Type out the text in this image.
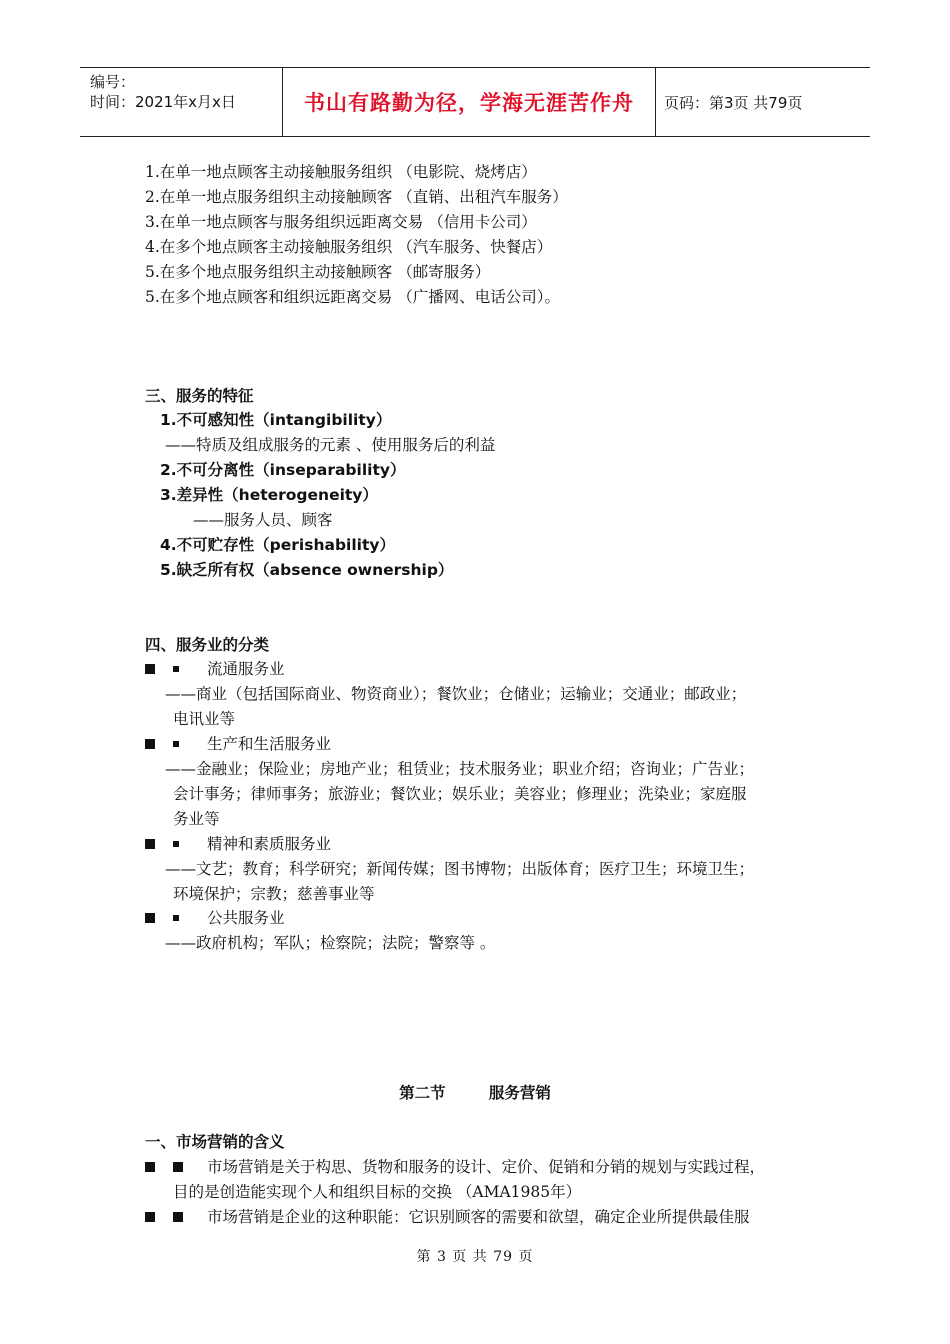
编号：
时间：2021年x月x日	书山有路勤为径，学海无涯苦作舟	页码：第3页 共79页
1.在单一地点顾客主动接触服务组织 （电影院、烧烤店）
2.在单一地点服务组织主动接触顾客 （直销、出租汽车服务）
3.在单一地点顾客与服务组织远距离交易 （信用卡公司）
4.在多个地点顾客主动接触服务组织 （汽车服务、快餐店）
5.在多个地点服务组织主动接触顾客 （邮寄服务）
5.在多个地点顾客和组织远距离交易 （广播网、电话公司）。
三、服务的特征
1.不可感知性（intangibility）
——特质及组成服务的元素 、使用服务后的利益
2.不可分离性（inseparability）
3.差异性（heterogeneity）
——服务人员、顾客
4.不可贮存性（perishability）
5.缺乏所有权（absence ownership）
四、服务业的分类
流通服务业
——商业（包括国际商业、物资商业）；餐饮业；仓储业；运输业；交通业；邮政业；
电讯业等
生产和生活服务业
——金融业；保险业；房地产业；租赁业；技术服务业；职业介绍；咨询业；广告业；
会计事务；律师事务；旅游业；餐饮业；娱乐业；美容业；修理业；洗染业；家庭服
务业等
精神和素质服务业
——文艺；教育；科学研究；新闻传媒；图书博物；出版体育；医疗卫生；环境卫生；
环境保护；宗教；慈善事业等
公共服务业
——政府机构；军队；检察院；法院；警察等 。
第二节        服务营销
一、市场营销的含义
市场营销是关于构思、货物和服务的设计、定价、促销和分销的规划与实践过程，
目的是创造能实现个人和组织目标的交换 （AMA1985年）
市场营销是企业的这种职能：它识别顾客的需要和欲望，确定企业所提供最佳服
第 3 页 共 79 页
